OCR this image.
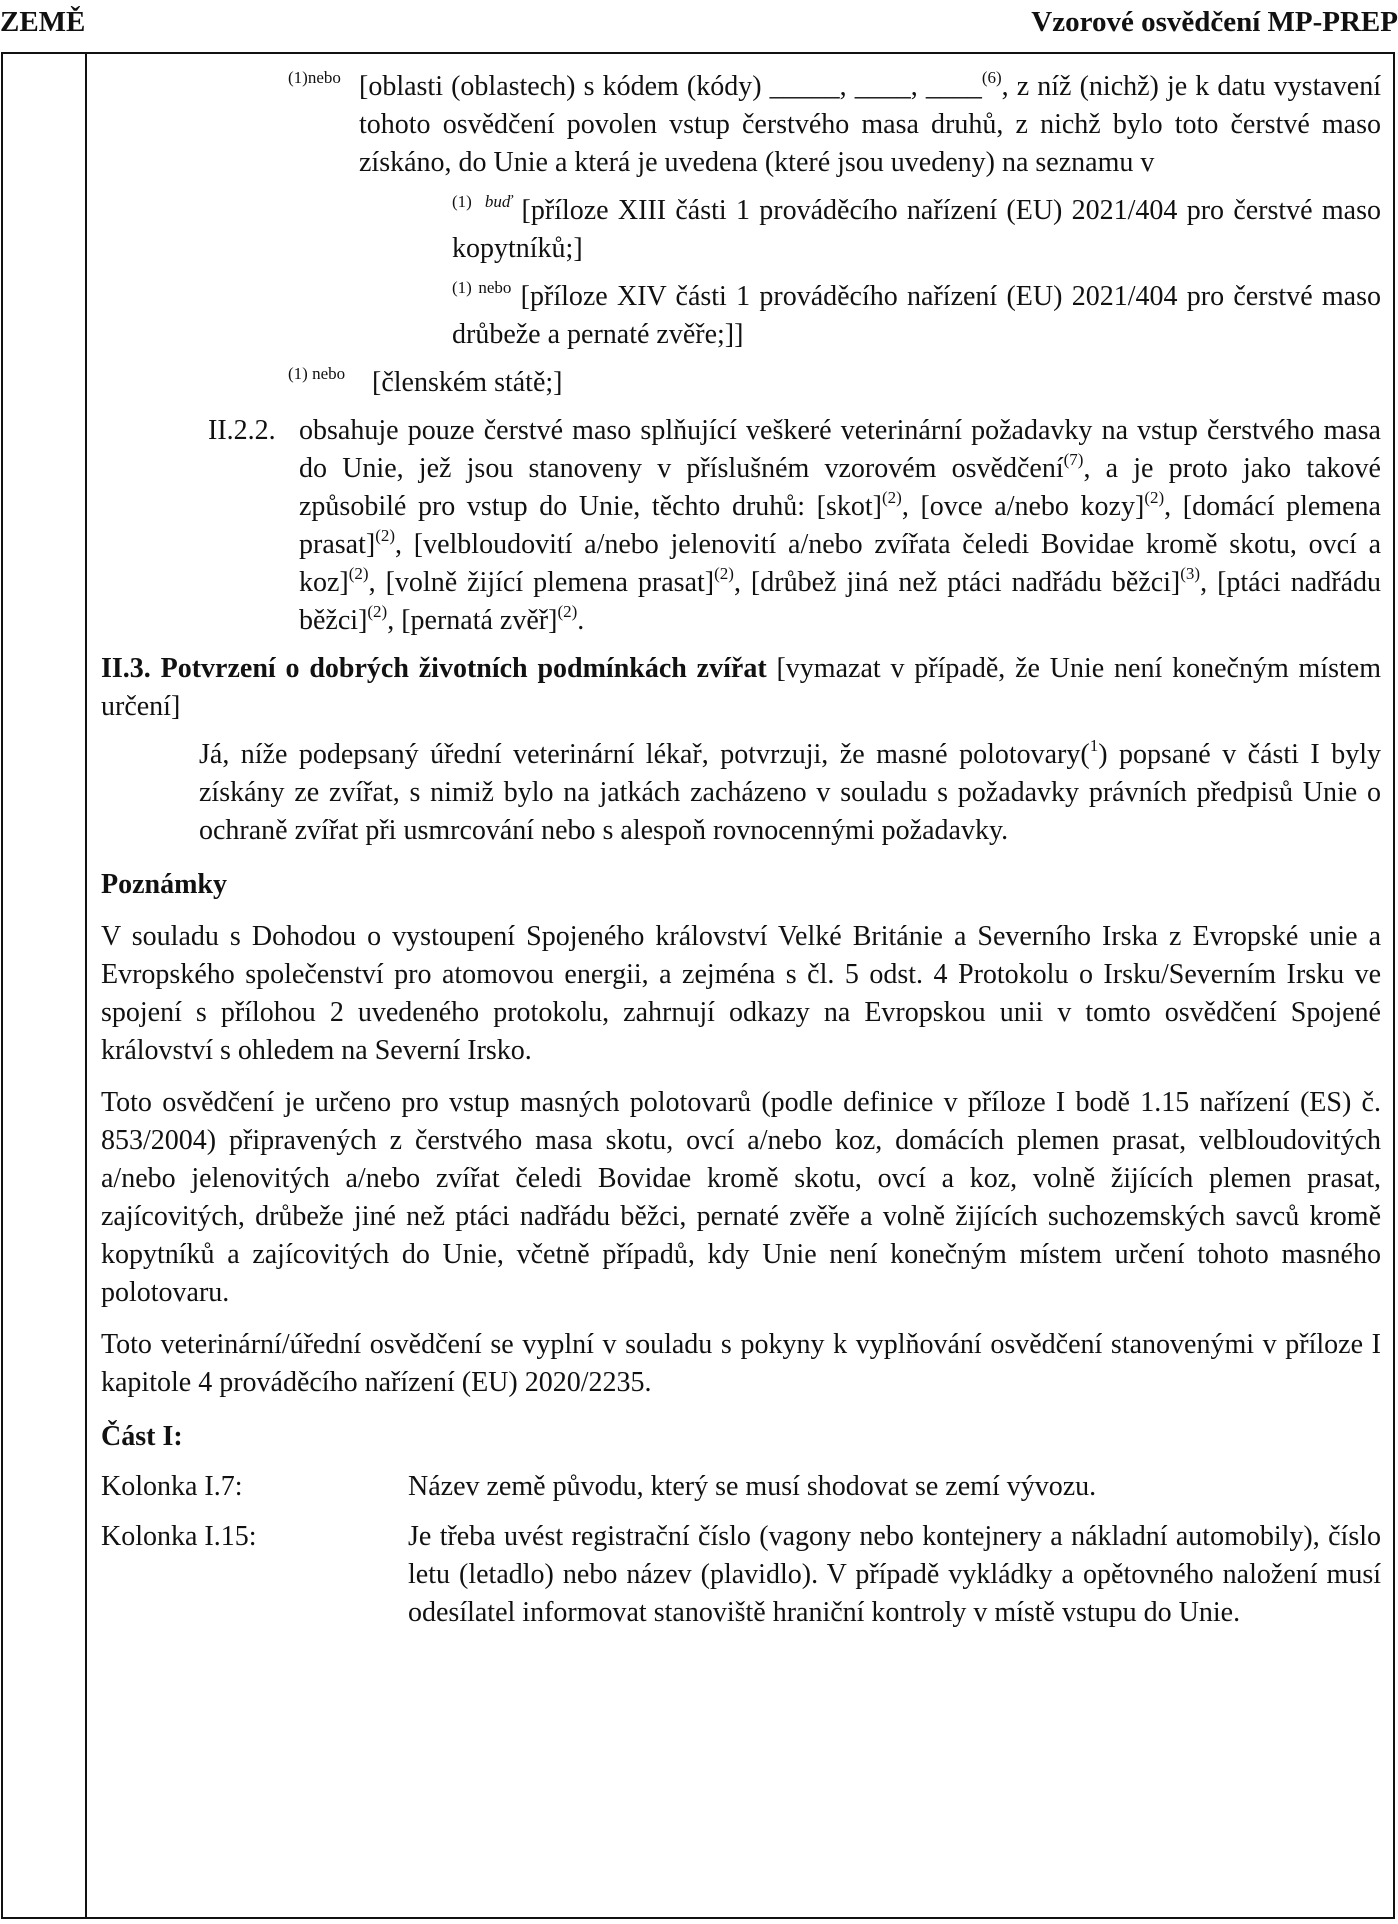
ZEMĚ	Vzorové osvědčení MP-PREP

$^{(1)nebo}$ [oblasti (oblastech) s kódem (kódy) _____, ____, ____$^{(6)}$, z níž (nichž) je k datu vystavení tohoto osvědčení povolen vstup čerstvého masa druhů, z nichž bylo toto čerstvé maso získáno, do Unie a která je uvedena (které jsou uvedeny) na seznamu v

$^{(1) buď}$ [příloze XIII části 1 prováděcího nařízení (EU) 2021/404 pro čerstvé maso kopytníků;]

$^{(1) nebo}$ [příloze XIV části 1 prováděcího nařízení (EU) 2021/404 pro čerstvé maso drůbeže a pernaté zvěře;]]

$^{(1) nebo}$ [členském státě;]

II.2.2. obsahuje pouze čerstvé maso splňující veškeré veterinární požadavky na vstup čerstvého masa do Unie, jež jsou stanoveny v příslušném vzorovém osvědčení$^{(7)}$, a je proto jako takové způsobilé pro vstup do Unie, těchto druhů: [skot]$^{(2)}$, [ovce a/nebo kozy]$^{(2)}$, [domácí plemena prasat]$^{(2)}$, [velbloudovití a/nebo jelenovití a/nebo zvířata čeledi Bovidae kromě skotu, ovcí a koz]$^{(2)}$, [volně žijící plemena prasat]$^{(2)}$, [drůbež jiná než ptáci nadřádu běžci]$^{(3)}$, [ptáci nadřádu běžci]$^{(2)}$, [pernatá zvěř]$^{(2)}$.

II.3. Potvrzení o dobrých životních podmínkách zvířat [vymazat v případě, že Unie není konečným místem určení]

Já, níže podepsaný úřední veterinární lékař, potvrzuji, že masné polotovary($^1$) popsané v části I byly získány ze zvířat, s nimiž bylo na jatkách zacházeno v souladu s požadavky právních předpisů Unie o ochraně zvířat při usmrcování nebo s alespoň rovnocennými požadavky.

Poznámky

V souladu s Dohodou o vystoupení Spojeného království Velké Británie a Severního Irska z Evropské unie a Evropského společenství pro atomovou energii, a zejména s čl. 5 odst. 4 Protokolu o Irsku/Severním Irsku ve spojení s přílohou 2 uvedeného protokolu, zahrnují odkazy na Evropskou unii v tomto osvědčení Spojené království s ohledem na Severní Irsko.

Toto osvědčení je určeno pro vstup masných polotovarů (podle definice v příloze I bodě 1.15 nařízení (ES) č. 853/2004) připravených z čerstvého masa skotu, ovcí a/nebo koz, domácích plemen prasat, velbloudovitých a/nebo jelenovitých a/nebo zvířat čeledi Bovidae kromě skotu, ovcí a koz, volně žijících plemen prasat, zajícovitých, drůbeže jiné než ptáci nadřádu běžci, pernaté zvěře a volně žijících suchozemských savců kromě kopytníků a zajícovitých do Unie, včetně případů, kdy Unie není konečným místem určení tohoto masného polotovaru.

Toto veterinární/úřední osvědčení se vyplní v souladu s pokyny k vyplňování osvědčení stanovenými v příloze I kapitole 4 prováděcího nařízení (EU) 2020/2235.

Část I:

Kolonka I.7:	Název země původu, který se musí shodovat se zemí vývozu.
Kolonka I.15:	Je třeba uvést registrační číslo (vagony nebo kontejnery a nákladní automobily), číslo letu (letadlo) nebo název (plavidlo). V případě vykládky a opětovného naložení musí odesílatel informovat stanoviště hraniční kontroly v místě vstupu do Unie.
